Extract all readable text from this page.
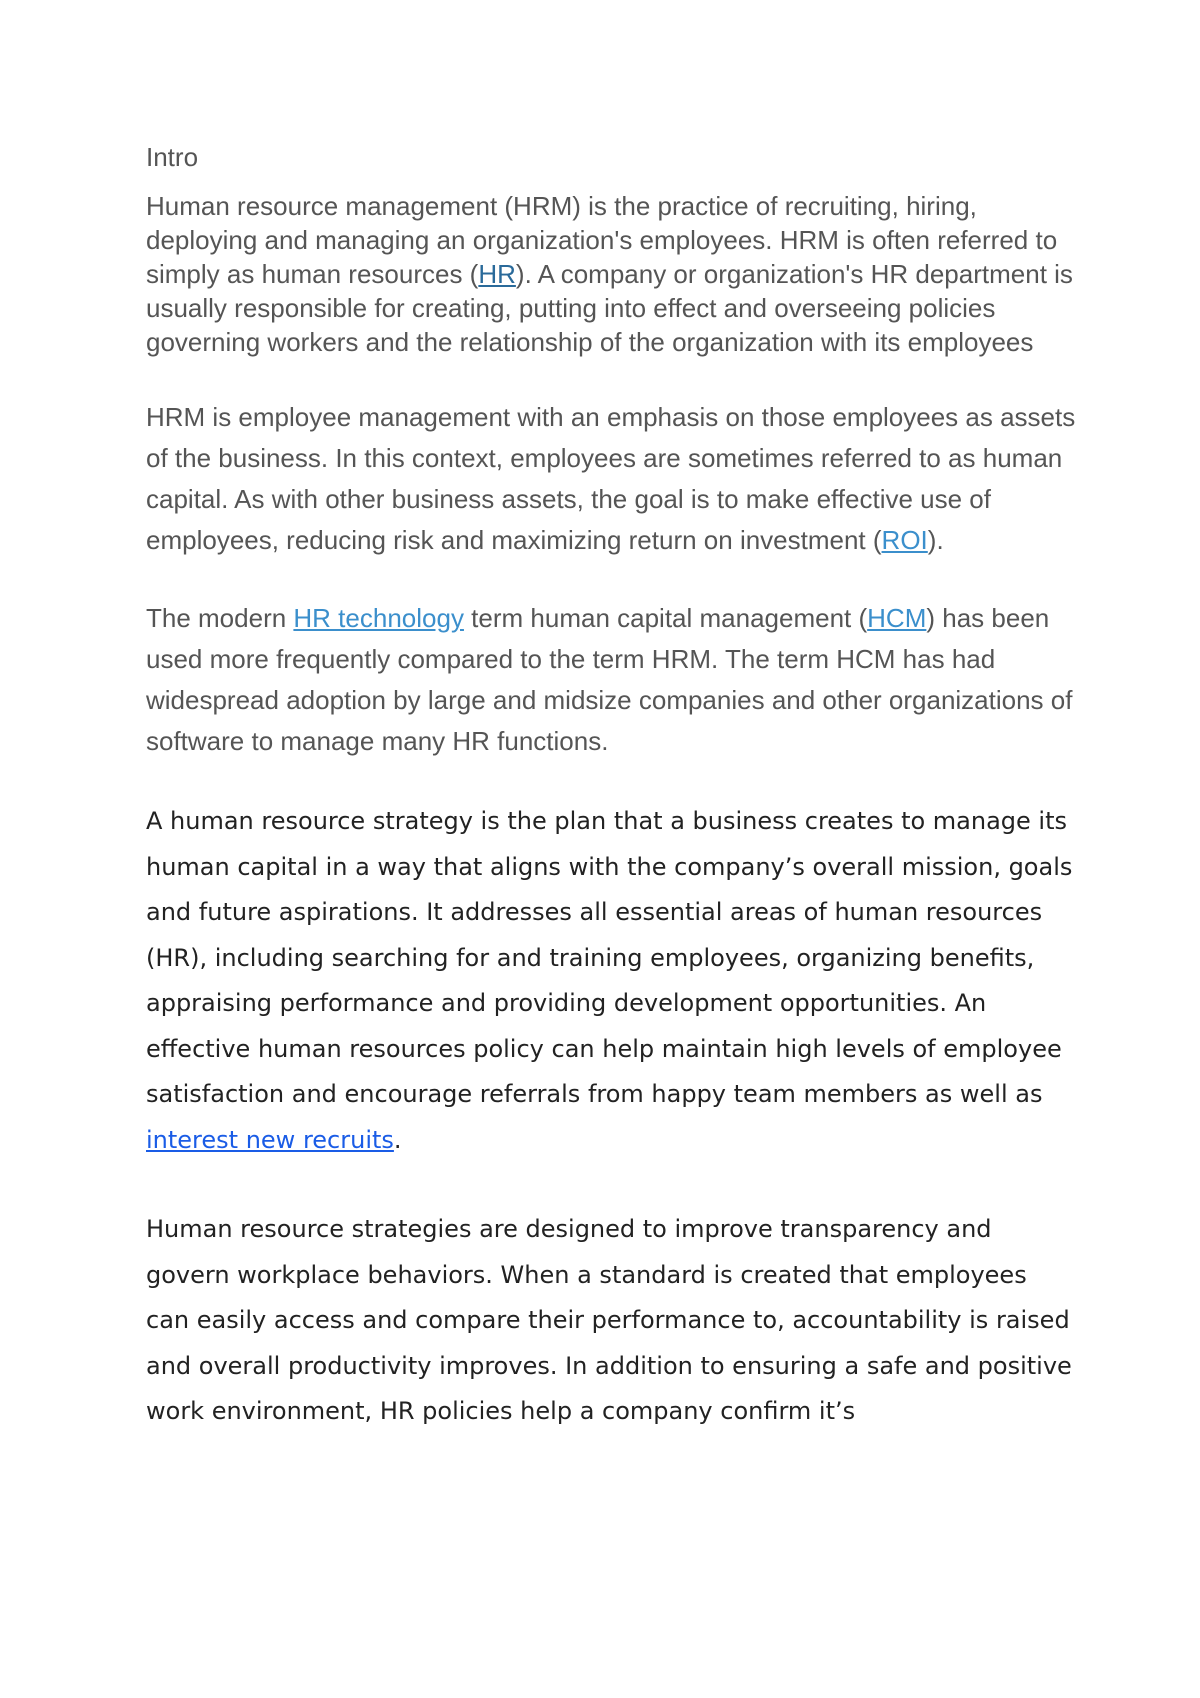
Intro

Human resource management (HRM) is the practice of recruiting, hiring, deploying and managing an organization's employees. HRM is often referred to simply as human resources (HR). A company or organization's HR department is usually responsible for creating, putting into effect and overseeing policies governing workers and the relationship of the organization with its employees

HRM is employee management with an emphasis on those employees as assets of the business. In this context, employees are sometimes referred to as human capital. As with other business assets, the goal is to make effective use of employees, reducing risk and maximizing return on investment (ROI).

The modern HR technology term human capital management (HCM) has been used more frequently compared to the term HRM. The term HCM has had widespread adoption by large and midsize companies and other organizations of software to manage many HR functions.

A human resource strategy is the plan that a business creates to manage its human capital in a way that aligns with the company’s overall mission, goals and future aspirations. It addresses all essential areas of human resources (HR), including searching for and training employees, organizing benefits, appraising performance and providing development opportunities. An effective human resources policy can help maintain high levels of employee satisfaction and encourage referrals from happy team members as well as interest new recruits.

Human resource strategies are designed to improve transparency and govern workplace behaviors. When a standard is created that employees can easily access and compare their performance to, accountability is raised and overall productivity improves. In addition to ensuring a safe and positive work environment, HR policies help a company confirm it’s
